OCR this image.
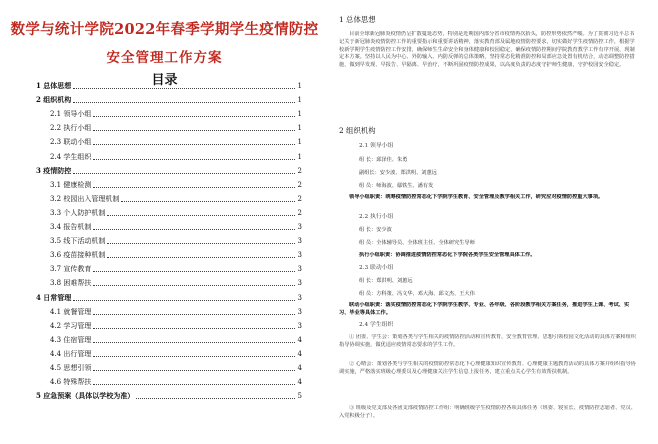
数学与统计学院2022年春季学期学生疫情防控
安全管理工作方案
目录
1 总体思想	1
2 组织机构	1
2.1 领导小组	1
2.2 执行小组	1
2.3 联动小组	1
2.4 学生组织	1
3 疫情防控	2
3.1 健康检测	2
3.2 校园出入管理机制	2
3.3 个人防护机制	2
3.4 报告机制	3
3.5 线下活动机制	3
3.6 疫苗接种机制	3
3.7 宣传教育	3
3.8 困难帮扶	3
4 日常管理	3
4.1 就餐管理	3
4.2 学习管理	3
4.3 住宿管理	4
4.4 出行管理	4
4.5 思想引领	4
4.6 特殊帮扶	4
5 应急预案（具体以学校为准）	5
1 总体思想
目前全球新冠肺炎疫情仍呈扩散蔓延态势，特别是近期国内部分省市疫情再次抬头，防控形势依然严峻。为了贯彻习近平总书记关于新冠肺炎疫情防控工作的重要指示和重要讲话精神，落实教育部及属地疫情防控要求，切实做好学生疫情防控工作，根据学校新学期学生疫情防控工作安排，确保师生生命安全和身体健康和校园稳定，确保疫情防控期间学院教育教学工作有序开展，现制定本方案。坚持以人民为中心、外防输入、内防反弹的总体策略，坚持常态化精准防控和局部应急处置有机结合，动态调整防控措施，做到早发现、早报告、早隔离、早治疗，不断巩固疫情防控成果，以高度负责的态度守护师生健康，守护校园安全稳定。
2 组织机构
2.1 领导小组
组 长：邱泽佳、朱勇
副组长：安少波、郑洪明、刘蕙远
组 员：师海波、鄢铁生、潘有发
领导小组职责：统筹疫情防控常态化下学院学生教育、安全管理及教学相关工作，研究应对疫情防控重大事项。
2.2 执行小组
组 长：安少波
组 员：全体辅导员、全体班主任、全体研究生导师
执行小组职责：协调推进疫情防控常态化下学院各类学生安全管理具体工作。
2.3 联动小组
组 长：郑洪明、刘蕙远
组 员：方科策、冯文华、邓大海、邱文杰、王大伟
联动小组职责：落实疫情防控常态化下学院学生教学、专业、各年级、各阶段教学相关方案任务，推进学生上课、考试、实习、毕业等具体工作。
2.4 学生组织
① 团委、学生会：策划各类与学生相关的疫情防控活动和宣传教育，安全教育管理、思想引领校园文化活动的具体方案和组织指导协调实施，做优适应疫情常态要求的学生工作。
② 心晴会：策划各类与学生相关的疫情防控常态化下心理健康知识宣传教育、心理健康主题教育活动的具体方案并组织指导协调实施，严格落实班级心理委员及心理健康关注学生信息上报任务，建立重点关心学生有效帮扶机制。
③ 班级及党支部及各团支部疫情防控工作组：明确班级学生疫情防控各项具体任务（班委、寝室长、疫情防控志愿者、党员、入党积极分子）。
